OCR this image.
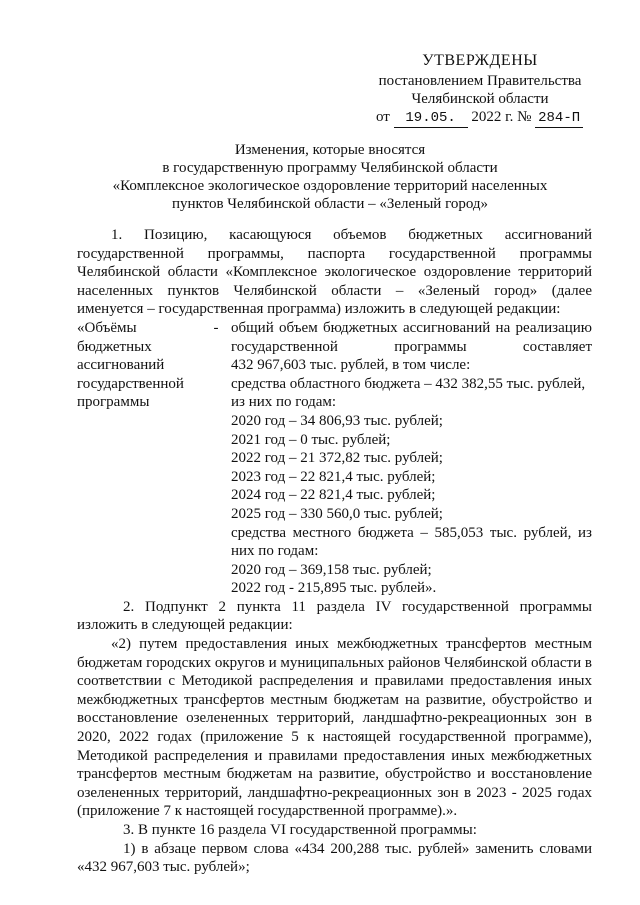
УТВЕРЖДЕНЫ
постановлением Правительства
Челябинской области
от 19.05. 2022 г. № 284-П
Изменения, которые вносятся
в государственную программу Челябинской области
«Комплексное экологическое оздоровление территорий населенных
пунктов Челябинской области – «Зеленый город»

1. Позицию, касающуюся объемов бюджетных ассигнований

государственной программы, паспорта государственной программы

Челябинской области «Комплексное экологическое оздоровление территорий

населенных пунктов Челябинской области – «Зеленый город» (далее

именуется – государственная программа) изложить в следующей редакции:

«Объёмы
бюджетных
ассигнований
государственной
программы
- общий объем бюджетных ассигнований на реализацию
государственной программы составляет
432 967,603 тыс. рублей, в том числе:
средства областного бюджета – 432 382,55 тыс. рублей,
из них по годам:
2020 год – 34 806,93 тыс. рублей;
2021 год – 0 тыс. рублей;
2022 год – 21 372,82 тыс. рублей;
2023 год – 22 821,4 тыс. рублей;
2024 год – 22 821,4 тыс. рублей;
2025 год – 330 560,0 тыс. рублей;
средства местного бюджета – 585,053 тыс. рублей, из
них по годам:
2020 год – 369,158 тыс. рублей;
2022 год - 215,895 тыс. рублей».

2. Подпункт 2 пункта 11 раздела IV государственной программы

изложить в следующей редакции:

«2) путем предоставления иных межбюджетных трансфертов местным бюджетам городских округов и муниципальных районов Челябинской области в соответствии с Методикой распределения и правилами предоставления иных межбюджетных трансфертов местным бюджетам на развитие, обустройство и восстановление озелененных территорий, ландшафтно-рекреационных зон в 2020, 2022 годах (приложение 5 к настоящей государственной программе), Методикой распределения и правилами предоставления иных межбюджетных трансфертов местным бюджетам на развитие, обустройство и восстановление озелененных территорий, ландшафтно-рекреационных зон в 2023 - 2025 годах (приложение 7 к настоящей государственной программе).».

3. В пункте 16 раздела VI государственной программы:

1) в абзаце первом слова «434 200,288 тыс. рублей» заменить словами «432 967,603 тыс. рублей»;
